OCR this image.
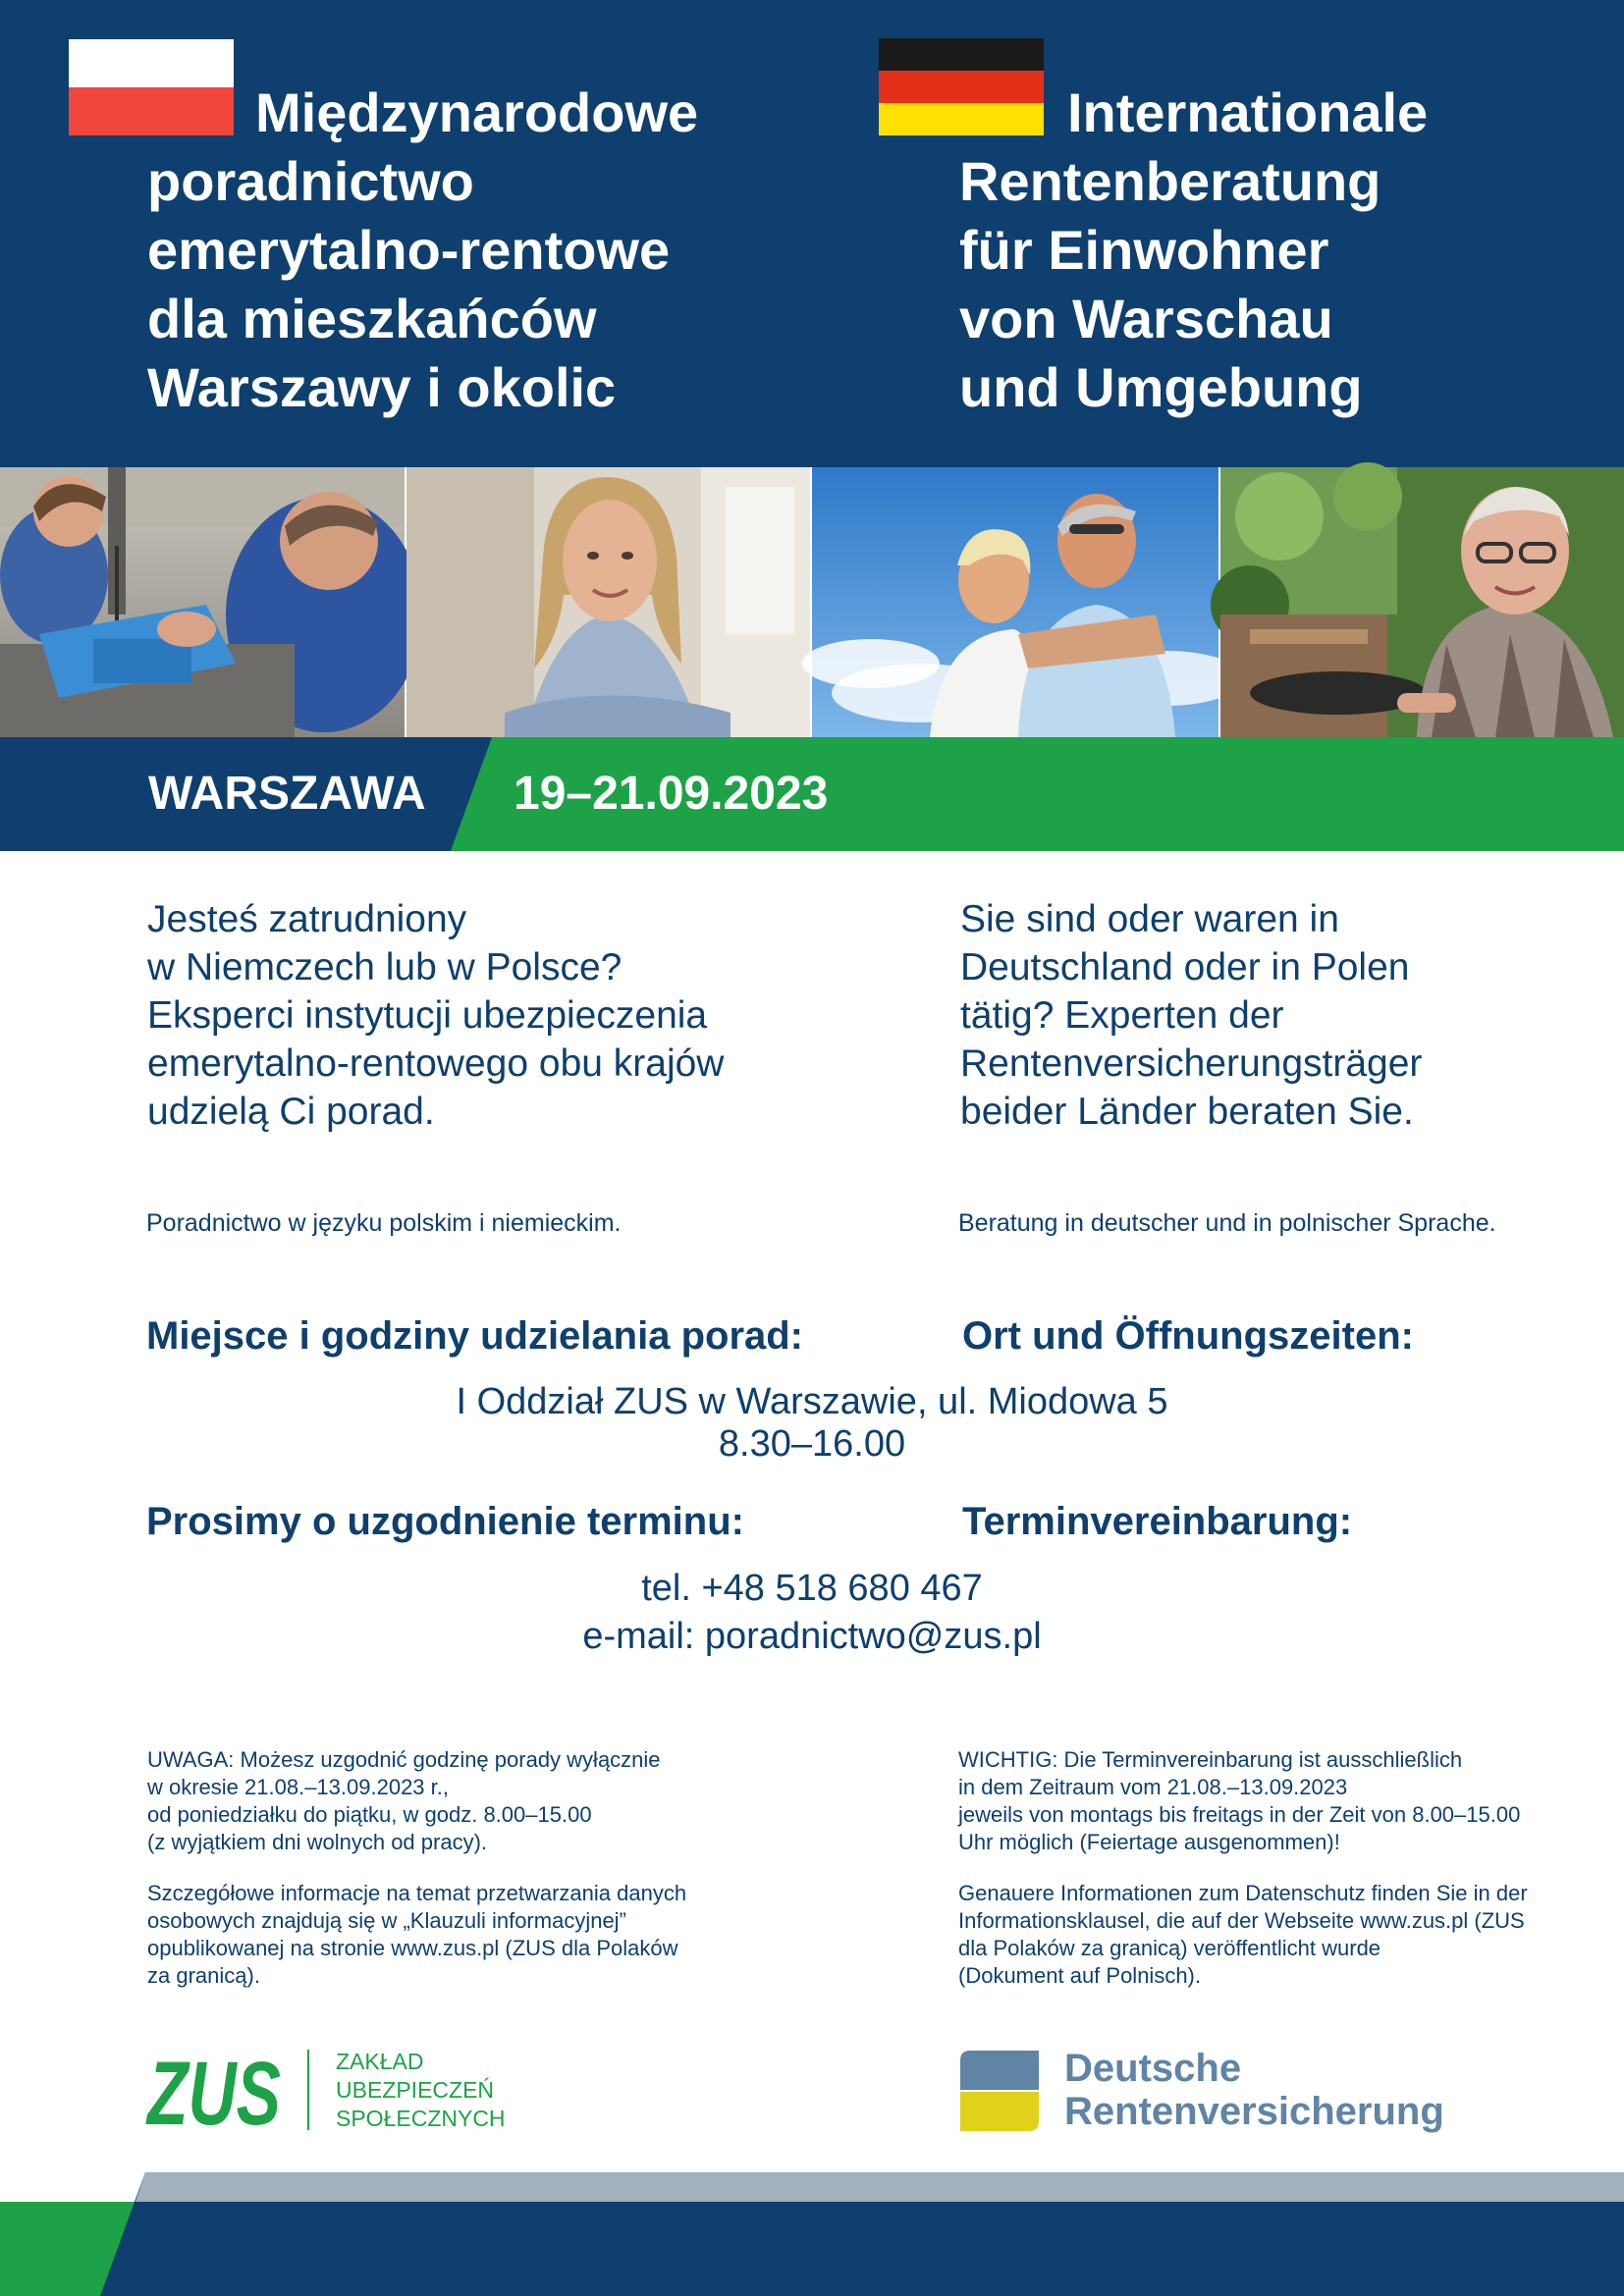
Międzynarodowe
poradnictwo
emerytalno-rentowe
dla mieszkańców
Warszawy i okolic
Internationale
Rentenberatung
für Einwohner
von Warschau
und Umgebung
WARSZAWA 19–21.09.2023
Jesteś zatrudniony
w Niemczech lub w Polsce?
Eksperci instytucji ubezpieczenia
emerytalno-rentowego obu krajów
udzielą Ci porad.
Sie sind oder waren in
Deutschland oder in Polen
tätig? Experten der
Rentenversicherungsträger
beider Länder beraten Sie.
Poradnictwo w języku polskim i niemieckim.	Beratung in deutscher und in polnischer Sprache.
Miejsce i godziny udzielania porad:	Ort und Öffnungszeiten:
I Oddział ZUS w Warszawie, ul. Miodowa 5
8.30–16.00
Prosimy o uzgodnienie terminu:	Terminvereinbarung:
tel. +48 518 680 467
e-mail: poradnictwo@zus.pl
UWAGA: Możesz uzgodnić godzinę porady wyłącznie
w okresie 21.08.–13.09.2023 r.,
od poniedziałku do piątku, w godz. 8.00–15.00
(z wyjątkiem dni wolnych od pracy).
Szczegółowe informacje na temat przetwarzania danych
osobowych znajdują się w „Klauzuli informacyjnej”
opublikowanej na stronie www.zus.pl (ZUS dla Polaków
za granicą).
WICHTIG: Die Terminvereinbarung ist ausschließlich
in dem Zeitraum vom 21.08.–13.09.2023
jeweils von montags bis freitags in der Zeit von 8.00–15.00
Uhr möglich (Feiertage ausgenommen)!
Genauere Informationen zum Datenschutz finden Sie in der
Informationsklausel, die auf der Webseite www.zus.pl (ZUS
dla Polaków za granicą) veröffentlicht wurde
(Dokument auf Polnisch).
ZUS ZAKŁAD
UBEZPIECZEŃ
SPOŁECZNYCH
Deutsche
Rentenversicherung
